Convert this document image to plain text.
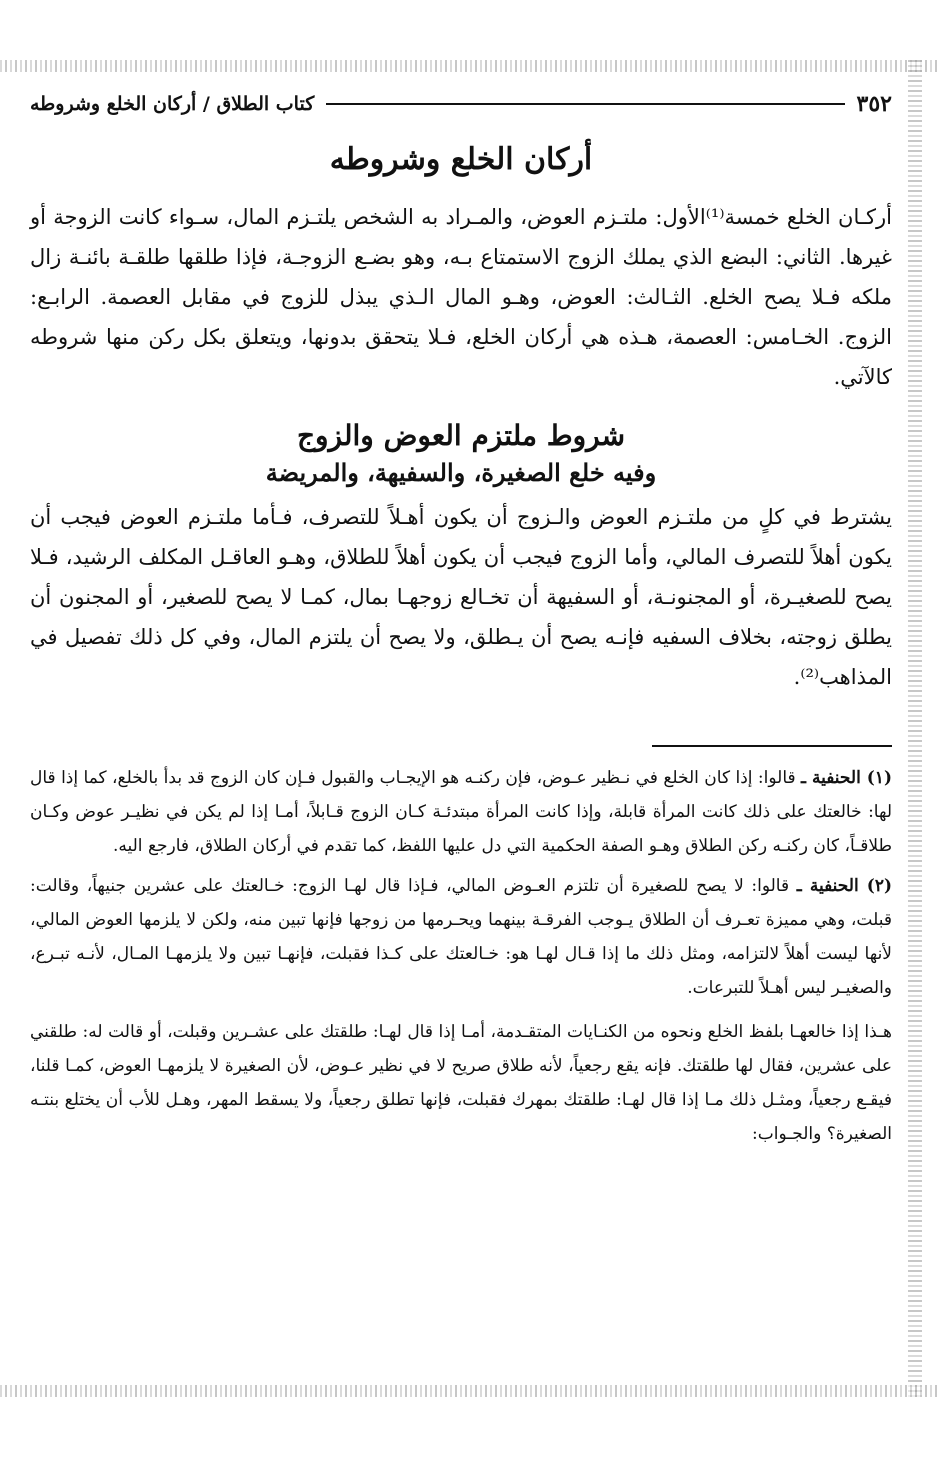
٣٥٢
كتاب الطلاق / أركان الخلع وشروطه
أركان الخلع وشروطه

أركـان الخلع خمسة⁽¹⁾الأول: ملتـزم العوض، والمـراد به الشخص يلتـزم المال، سـواء كانت الزوجة أو غيرها. الثاني: البضع الذي يملك الزوج الاستمتاع بـه، وهو بضـع الزوجـة، فإذا طلقها طلقـة بائنـة زال ملكه فـلا يصح الخلع. الثـالث: العوض، وهـو المال الـذي يبذل للزوج في مقابل العصمة. الرابـع: الزوج. الخـامس: العصمة، هـذه هي أركان الخلع، فـلا يتحقق بدونها، ويتعلق بكل ركن منها شروطه كالآتي.

شروط ملتزم العوض والزوج
وفيه خلع الصغيرة، والسفيهة، والمريضة

يشترط في كلٍ من ملتـزم العوض والـزوج أن يكون أهـلاً للتصرف، فـأما ملتـزم العوض فيجب أن يكون أهلاً للتصرف المالي، وأما الزوج فيجب أن يكون أهلاً للطلاق، وهـو العاقـل المكلف الرشيد، فـلا يصح للصغيـرة، أو المجنونـة، أو السفيهة أن تخـالع زوجهـا بمال، كمـا لا يصح للصغير، أو المجنون أن يطلق زوجته، بخلاف السفيه فإنـه يصح أن يـطلق، ولا يصح أن يلتزم المال، وفي كل ذلك تفصيل في المذاهب⁽²⁾.

(١) الحنفية ـ قالوا: إذا كان الخلع في نـظير عـوض، فإن ركنـه هو الإيجـاب والقبول فـإن كان الزوج قد بدأ بالخلع، كما إذا قال لها: خالعتك على ذلك كانت المرأة قابلة، وإذا كانت المرأة مبتدئـة كـان الزوج قـابلاً، أمـا إذا لم يكن في نظيـر عوض وكـان طلاقـاً، كان ركنـه ركن الطلاق وهـو الصفة الحكمية التي دل عليها اللفظ، كما تقدم في أركان الطلاق، فارجع اليه.

(٢) الحنفية ـ قالوا: لا يصح للصغيرة أن تلتزم العـوض المالي، فـإذا قال لهـا الزوج: خـالعتك على عشرين جنيهاً، وقالت: قبلت، وهي مميزة تعـرف أن الطلاق يـوجب الفرقـة بينهما ويحـرمها من زوجها فإنها تبين منه، ولكن لا يلزمها العوض المالي، لأنها ليست أهلاً لالتزامه، ومثل ذلك ما إذا قـال لهـا هو: خـالعتك على كـذا فقبلت، فإنهـا تبين ولا يلزمهـا المـال، لأنـه تبـرع، والصغيـر ليس أهـلاً للتبرعات.

هـذا إذا خالعهـا بلفظ الخلع ونحوه من الكنـايات المتقـدمة، أمـا إذا قال لهـا: طلقتك على عشـرين وقبلت، أو قالت له: طلقني على عشرين، فقال لها طلقتك. فإنه يقع رجعياً، لأنه طلاق صريح لا في نظير عـوض، لأن الصغيرة لا يلزمهـا العوض، كمـا قلنا، فيقـع رجعياً، ومثـل ذلك مـا إذا قال لهـا: طلقتك بمهرك فقبلت، فإنها تطلق رجعياً، ولا يسقط المهر، وهـل للأب أن يختلع بنتـه الصغيرة؟ والجـواب:
